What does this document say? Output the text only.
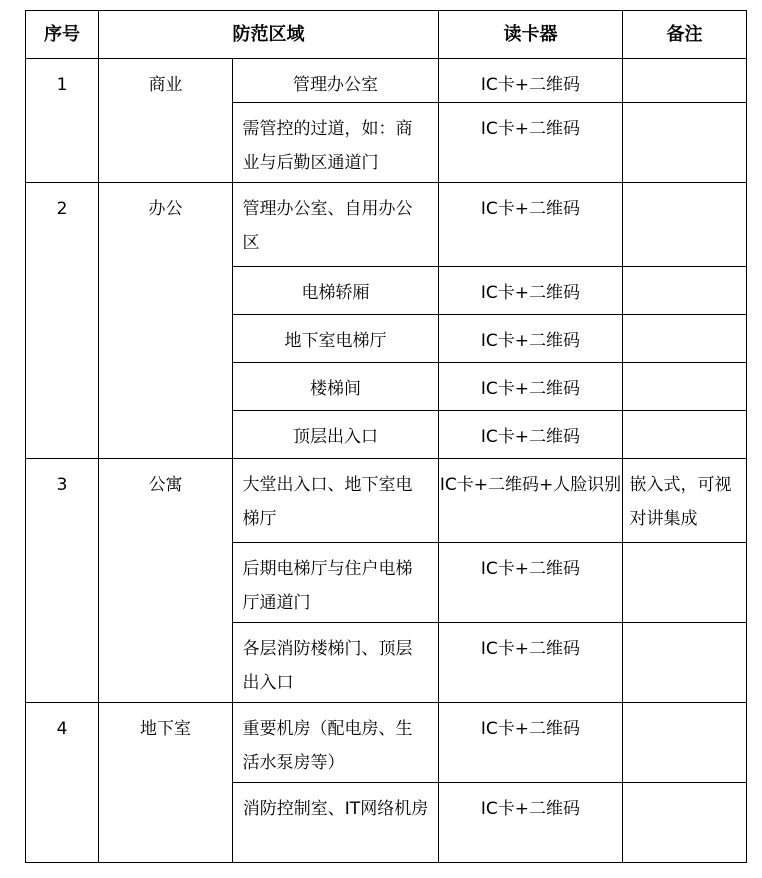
序号	防范区域		读卡器	备注
1	商业	管理办公室	IC卡+二维码	
		需管控的过道，如：商业与后勤区通道门	IC卡+二维码	
2	办公	管理办公室、自用办公区	IC卡+二维码	
		电梯轿厢	IC卡+二维码	
		地下室电梯厅	IC卡+二维码	
		楼梯间	IC卡+二维码	
		顶层出入口	IC卡+二维码	
3	公寓	大堂出入口、地下室电梯厅	IC卡+二维码+人脸识别	嵌入式，可视对讲集成
		后期电梯厅与住户电梯厅通道门	IC卡+二维码	
		各层消防楼梯门、顶层出入口	IC卡+二维码	
4	地下室	重要机房（配电房、生活水泵房等）	IC卡+二维码	
		消防控制室、IT网络机房	IC卡+二维码	
